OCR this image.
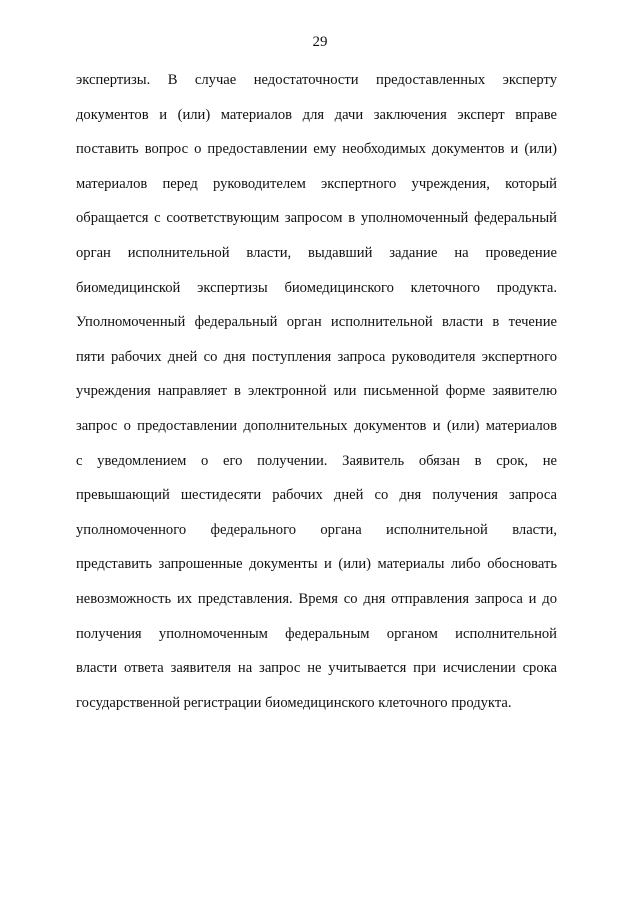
29
экспертизы. В случае недостаточности предоставленных эксперту
документов и (или) материалов для дачи заключения эксперт вправе
поставить вопрос о предоставлении ему необходимых документов и (или)
материалов перед руководителем экспертного учреждения, который
обращается с соответствующим запросом в уполномоченный федеральный
орган исполнительной власти, выдавший задание на проведение
биомедицинской экспертизы биомедицинского клеточного продукта.
Уполномоченный федеральный орган исполнительной власти в течение
пяти рабочих дней со дня поступления запроса руководителя экспертного
учреждения направляет в электронной или письменной форме заявителю
запрос о предоставлении дополнительных документов и (или) материалов
с уведомлением о его получении. Заявитель обязан в срок, не
превышающий шестидесяти рабочих дней со дня получения запроса
уполномоченного федерального органа исполнительной власти,
представить запрошенные документы и (или) материалы либо обосновать
невозможность их представления. Время со дня отправления запроса и до
получения уполномоченным федеральным органом исполнительной
власти ответа заявителя на запрос не учитывается при исчислении срока
государственной регистрации биомедицинского клеточного продукта.
